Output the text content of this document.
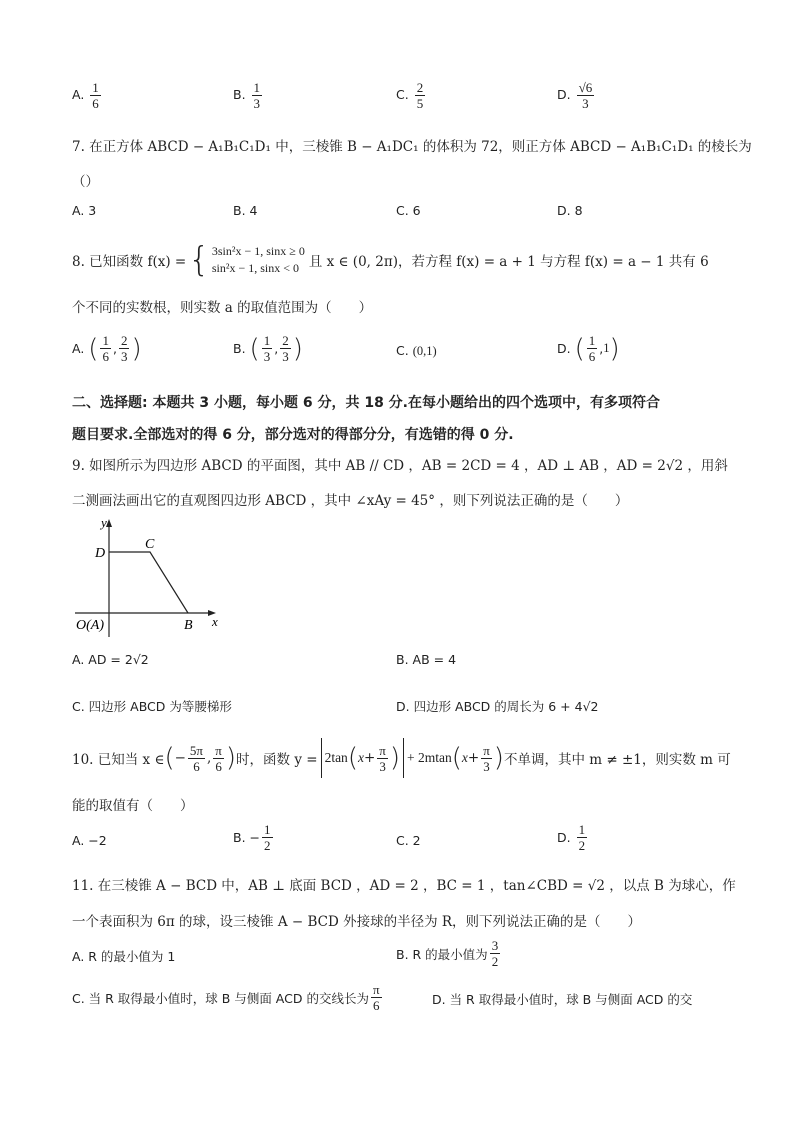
A. $\frac{1}{6}$	B. $\frac{1}{3}$	C. $\frac{2}{5}$	D. $\frac{√6}{3}$
7. 在正方体 ABCD − A₁B₁C₁D₁ 中，三棱锥 B − A₁DC₁ 的体积为 72，则正方体 ABCD − A₁B₁C₁D₁ 的棱长为
（）
A. 3	B. 4	C. 6	D. 8
8. 已知函数 f(x) = { 3sin²x − 1, sinx ≥ 0
sin²x − 1, sinx < 0 且 x ∈ (0, 2π)，若方程 f(x) = a + 1 与方程 f(x) = a − 1 共有 6
个不同的实数根，则实数 a 的取值范围为（　　）
A.
( $\frac{1}{6}$ , $\frac{2}{3}$ )	B.
( $\frac{1}{3}$ , $\frac{2}{3}$ )	C. (0,1)	D.
( $\frac{1}{6}$ , 1 )
二、选择题: 本题共 3 小题，每小题 6 分，共 18 分.在每小题给出的四个选项中，有多项符合
题目要求.全部选对的得 6 分，部分选对的得部分分，有选错的得 0 分.
9. 如图所示为四边形 ABCD 的平面图，其中 AB // CD ，AB = 2CD = 4 ，AD ⊥ AB ，AD = 2√2 ，用斜
二测画法画出它的直观图四边形 ABCD ，其中 ∠xAy = 45° ，则下列说法正确的是（　　）
y
x
D
C
O(A)	B
A. AD = 2√2	B. AB = 4
C. 四边形 ABCD 为等腰梯形	D. 四边形 ABCD 的周长为 6 + 4√2
10. 已知当 x ∈ ( − $\frac{5\pi}{6}$ , $\frac{\pi}{6}$ ) 时，函数 y = 2tan ( $x + \frac{\pi}{3}$ ) + 2mtan ( $x + \frac{\pi}{3}$ ) 不单调，其中 m ≠ ±1，则实数 m 可
能的取值有（　　）
A. −2	B.
− $\frac{1}{2}$	C. 2	D.
$\frac{1}{2}$
11. 在三棱锥 A − BCD 中，AB ⊥ 底面 BCD ，AD = 2 ，BC = 1 ，tan∠CBD = √2 ，以点 B 为球心，作
一个表面积为 6π 的球，设三棱锥 A − BCD 外接球的半径为 R，则下列说法正确的是（　　）
A. R 的最小值为 1	B. R 的最小值为 $\frac{3}{2}$
C. 当 R 取得最小值时，球 B 与侧面 ACD 的交线长为 $\frac{\pi}{6}$	D. 当 R 取得最小值时，球 B 与侧面 ACD 的交
